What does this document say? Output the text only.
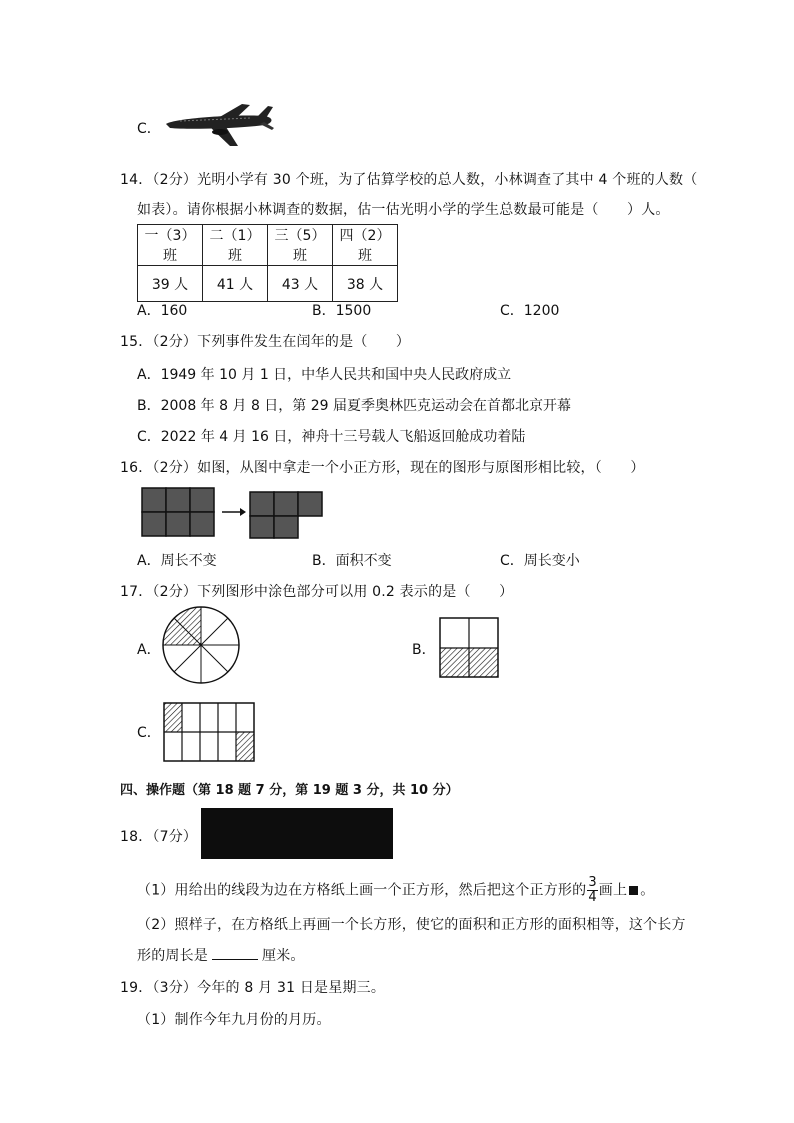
C．
14．（2分）光明小学有 30 个班，为了估算学校的总人数，小林调查了其中 4 个班的人数（
如表）。请你根据小林调查的数据，估一估光明小学的学生总数最可能是（　　）人。
一（3）班	二（1）班	三（5）班	四（2）班
39 人	41 人	43 人	38 人
A．160	B．1500	C．1200
15．（2分）下列事件发生在闰年的是（　　）
A．1949 年 10 月 1 日，中华人民共和国中央人民政府成立
B．2008 年 8 月 8 日，第 29 届夏季奥林匹克运动会在首都北京开幕
C．2022 年 4 月 16 日，神舟十三号载人飞船返回舱成功着陆
16．（2分）如图，从图中拿走一个小正方形，现在的图形与原图形相比较，（　　）
A．周长不变	B．面积不变	C．周长变小
17．（2分）下列图形中涂色部分可以用 0.2 表示的是（　　）
A．	B．
C．
四、操作题（第 18 题 7 分，第 19 题 3 分，共 10 分）
18．（7分）
（1）用给出的线段为边在方格纸上画一个正方形，然后把这个正方形的 $\frac{3}{4}$ 画上 。
（2）照样子，在方格纸上再画一个长方形，使它的面积和正方形的面积相等，这个长方
形的周长是	厘米。
19．（3分）今年的 8 月 31 日是星期三。
（1）制作今年九月份的月历。
